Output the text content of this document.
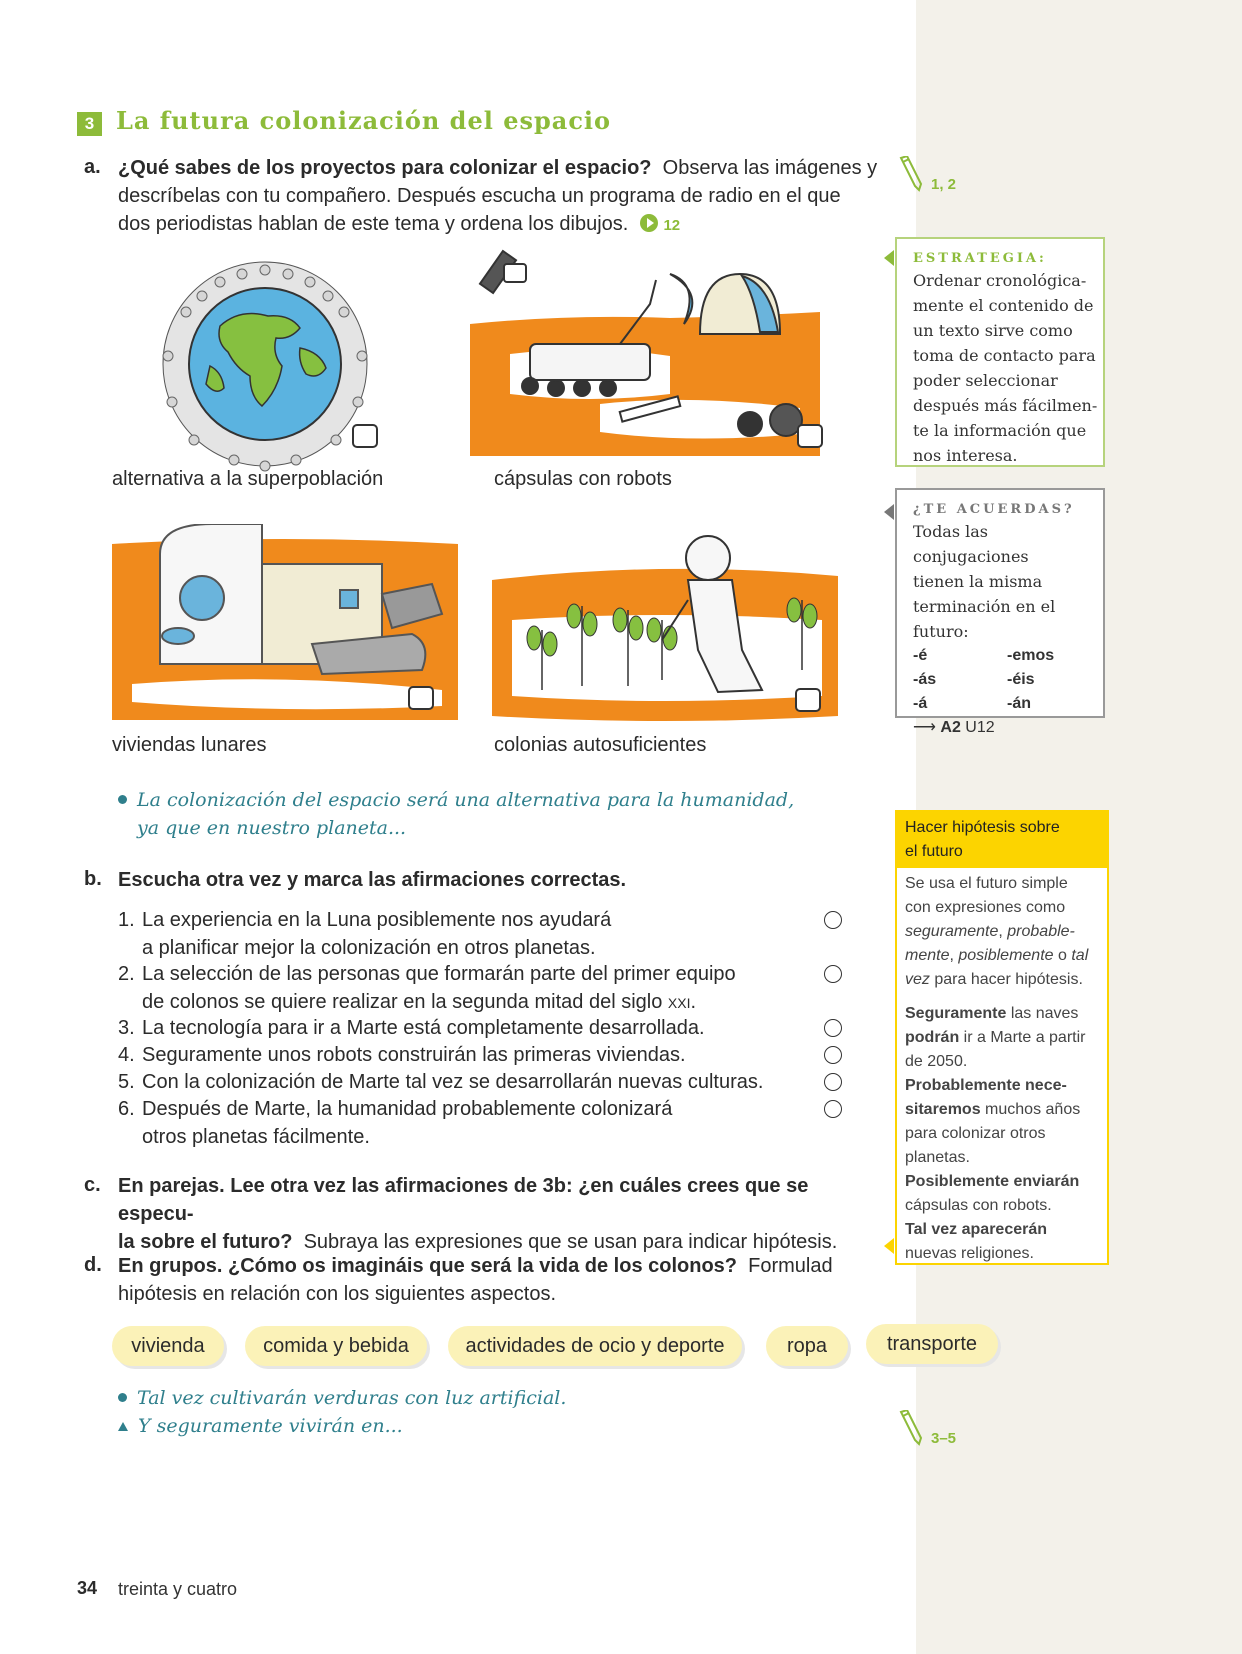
3 La futura colonización del espacio
a. ¿Qué sabes de los proyectos para colonizar el espacio? Observa las imágenes y descríbelas con tu compañero. Después escucha un programa de radio en el que dos periodistas hablan de este tema y ordena los dibujos. 12
alternativa a la superpoblación	cápsulas con robots
viviendas lunares	colonias autosuficientes
La colonización del espacio será una alternativa para la humanidad,
ya que en nuestro planeta...
b. Escucha otra vez y marca las afirmaciones correctas.
1. La experiencia en la Luna posiblemente nos ayudará
a planificar mejor la colonización en otros planetas.
2. La selección de las personas que formarán parte del primer equipo
de colonos se quiere realizar en la segunda mitad del siglo XXI.
3. La tecnología para ir a Marte está completamente desarrollada.
4. Seguramente unos robots construirán las primeras viviendas.
5. Con la colonización de Marte tal vez se desarrollarán nuevas culturas.
6. Después de Marte, la humanidad probablemente colonizará
otros planetas fácilmente.
c. En parejas. Lee otra vez las afirmaciones de 3b: ¿en cuáles crees que se especu-
la sobre el futuro? Subraya las expresiones que se usan para indicar hipótesis.
d. En grupos. ¿Cómo os imagináis que será la vida de los colonos? Formulad
hipótesis en relación con los siguientes aspectos.
vivienda	comida y bebida	actividades de ocio y deporte	ropa	transporte
Tal vez cultivarán verduras con luz artificial.
Y seguramente vivirán en...
1, 2
3–5
ESTRATEGIA:
Ordenar cronológica-
mente el contenido de
un texto sirve como
toma de contacto para
poder seleccionar
después más fácilmen-
te la información que
nos interesa.
¿TE ACUERDAS?
Todas las conjugaciones
tienen la misma
terminación en el
futuro:
-é	-emos
-ás	-éis
-á	-án
⟶ A2 U12
Hacer hipótesis sobre
el futuro
Se usa el futuro simple
con expresiones como
seguramente, probable-
mente, posiblemente o tal
vez para hacer hipótesis.
Seguramente las naves
podrán ir a Marte a partir
de 2050.
Probablemente nece-
sitaremos muchos años
para colonizar otros
planetas.
Posiblemente enviarán
cápsulas con robots.
Tal vez aparecerán
nuevas religiones.
34 treinta y cuatro
